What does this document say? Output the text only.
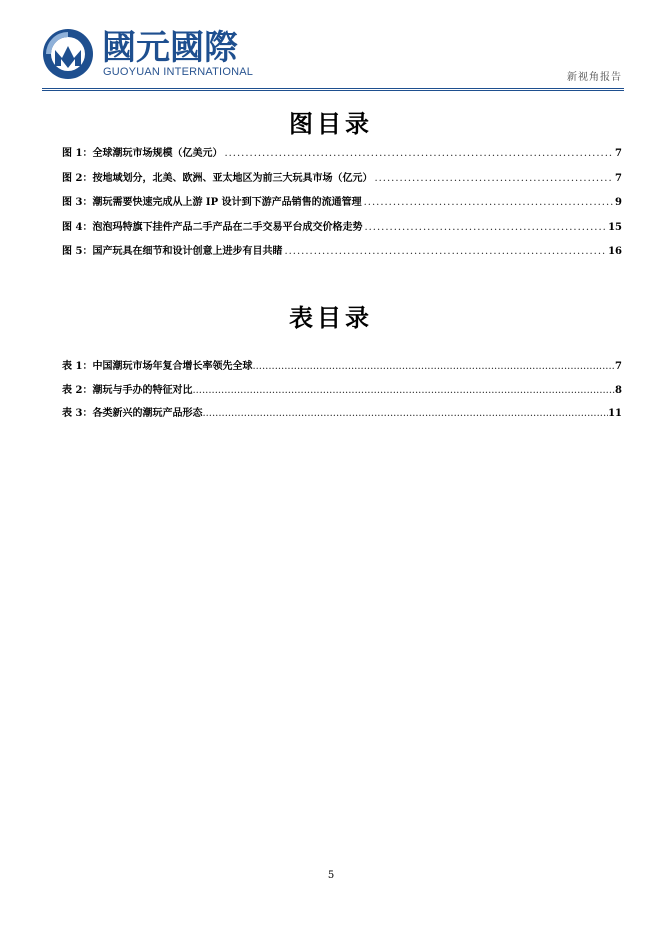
國元國際
GUOYUAN INTERNATIONAL	新视角报告
图目录
图 1：全球潮玩市场规模（亿美元） .....	7
图 2：按地域划分，北美、欧洲、亚太地区为前三大玩具市场（亿元） .....	7
图 3：潮玩需要快速完成从上游 IP 设计到下游产品销售的流通管理 .....	9
图 4：泡泡玛特旗下挂件产品二手产品在二手交易平台成交价格走势 .....	15
图 5：国产玩具在细节和设计创意上进步有目共睹 .....	16
表目录
表 1：中国潮玩市场年复合增长率领先全球 .....	7
表 2：潮玩与手办的特征对比 .....	8
表 3：各类新兴的潮玩产品形态 .....	11
5
